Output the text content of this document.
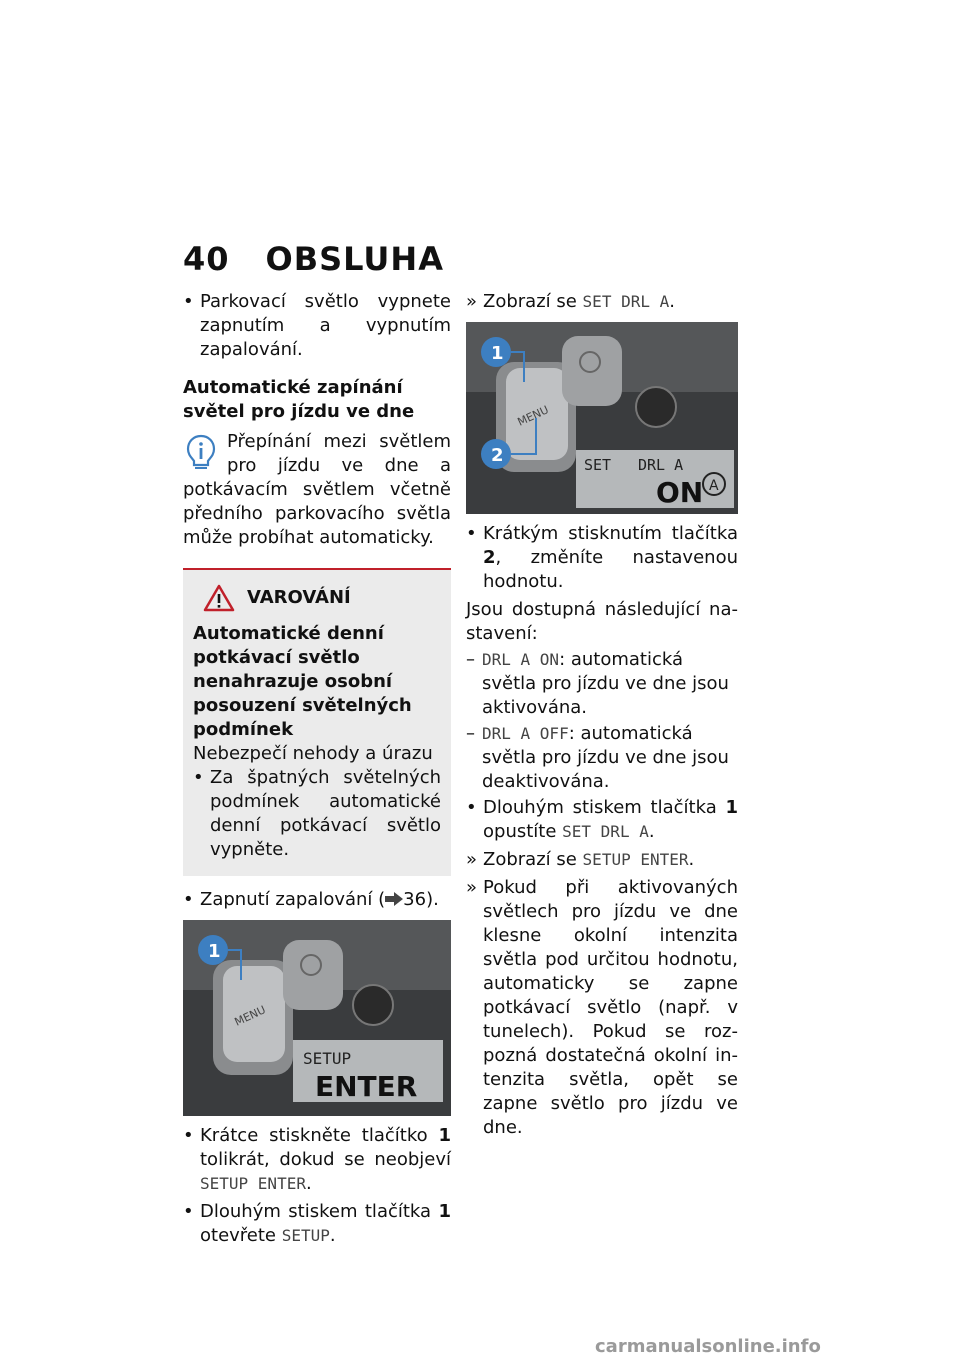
40 OBSLUHA
• Parkovací světlo vypnete zapnutím a vypnutím zapalování.
Automatické zapínání světel pro jízdu ve dne
Přepínání mezi světlem pro jízdu ve dne a potkávacím světlem včetně předního parkovacího světla může probíhat automaticky.
VAROVÁNÍ
Automatické denní potkávací světlo nenahrazuje osobní posouzení světelných podmínek
Nebezpečí nehody a úrazu
• Za špatných světelných podmínek automatické denní potkávací světlo vypněte.
• Zapnutí zapalování ( 36).
MENU
SETUP
ENTER
1
• Krátce stiskněte tlačítko 1 tolikrát, dokud se neobjeví SETUP ENTER.
• Dlouhým stiskem tlačítka 1 otevřete SETUP.
» Zobrazí se SET DRL A.
MENU
SET DRL A
ON A
1
2
• Krátkým stisknutím tlačítka 2, změníte nastavenou hodnotu.
Jsou dostupná následující nastavení:
– DRL A ON: automatická světla pro jízdu ve dne jsou aktivována.
– DRL A OFF: automatická světla pro jízdu ve dne jsou deaktivována.
• Dlouhým stiskem tlačítka 1 opustíte SET DRL A.
» Zobrazí se SETUP ENTER.
» Pokud při aktivovaných světlech pro jízdu ve dne klesne okolní intenzita světla pod určitou hodnotu, automaticky se zapne potkávací světlo (např. v tunelech). Pokud se rozpozná dostatečná okolní intenzita světla, opět se zapne světlo pro jízdu ve dne.
carmanualsonline.info
